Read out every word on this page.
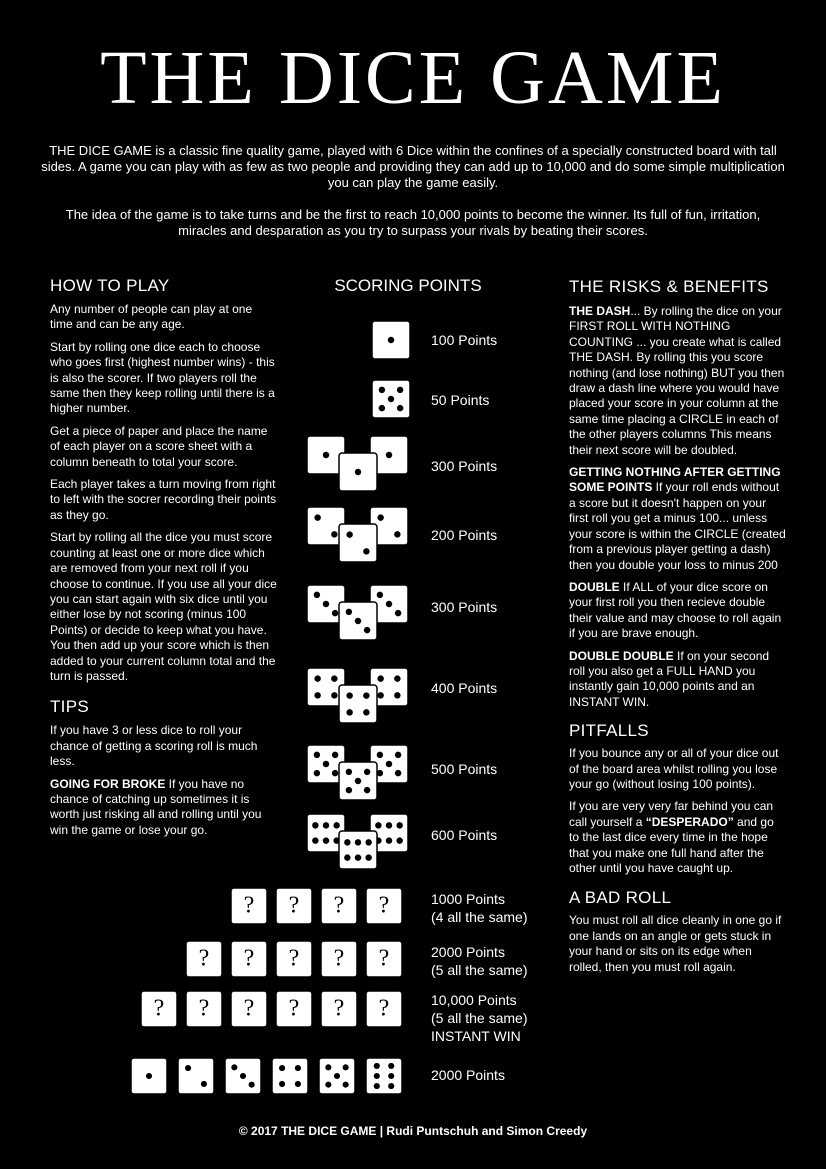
THE DICE GAME
THE DICE GAME is a classic fine quality game, played with 6 Dice within the confines of a specially constructed board with tall sides. A game you can play with as few as two people and providing they can add up to 10,000 and do some simple multiplication you can play the game easily.
The idea of the game is to take turns and be the first to reach 10,000 points to become the winner. Its full of fun, irritation, miracles and desparation as you try to surpass your rivals by beating their scores.
HOW TO PLAY

Any number of people can play at one time and can be any age.

Start by rolling one dice each to choose who goes first (highest number wins) - this is also the scorer. If two players roll the same then they keep rolling until there is a higher number.

Get a piece of paper and place the name of each player on a score sheet with a column beneath to total your score.

Each player takes a turn moving from right to left with the socrer recording their points as they go.

Start by rolling all the dice you must score counting at least one or more dice which are removed from your next roll if you choose to continue. If you use all your dice you can start again with six dice until you either lose by not scoring (minus 100 Points) or decide to keep what you have. You then add up your score which is then added to your current column total and the turn is passed.

TIPS

If you have 3 or less dice to roll your chance of getting a scoring roll is much less.

GOING FOR BROKE If you have no chance of catching up sometimes it is worth just risking all and rolling until you win the game or lose your go.

SCORING POINTS
? ? ? ?
? ? ? ? ?
? ? ? ? ? ?
100 Points
50 Points
300 Points
200 Points
300 Points
400 Points
500 Points
600 Points
1000 Points
(4 all the same)
2000 Points
(5 all the same)
10,000 Points
(5 all the same)
INSTANT WIN
2000 Points
THE RISKS & BENEFITS

THE DASH... By rolling the dice on your FIRST ROLL WITH NOTHING COUNTING ... you create what is called THE DASH. By rolling this you score nothing (and lose nothing) BUT you then draw a dash line where you would have placed your score in your column at the same time placing a CIRCLE in each of the other players columns This means their next score will be doubled.

GETTING NOTHING AFTER GETTING SOME POINTS If your roll ends without a score but it doesn't happen on your first roll you get a minus 100... unless your score is within the CIRCLE (created from a previous player getting a dash) then you double your loss to minus 200

DOUBLE If ALL of your dice score on your first roll you then recieve double their value and may choose to roll again if you are brave enough.

DOUBLE DOUBLE If on your second roll you also get a FULL HAND you instantly gain 10,000 points and an INSTANT WIN.

PITFALLS

If you bounce any or all of your dice out of the board area whilst rolling you lose your go (without losing 100 points).

If you are very very far behind you can call yourself a “DESPERADO” and go to the last dice every time in the hope that you make one full hand after the other until you have caught up.

A BAD ROLL

You must roll all dice cleanly in one go if one lands on an angle or gets stuck in your hand or sits on its edge when rolled, then you must roll again.

© 2017 THE DICE GAME | Rudi Puntschuh and Simon Creedy
